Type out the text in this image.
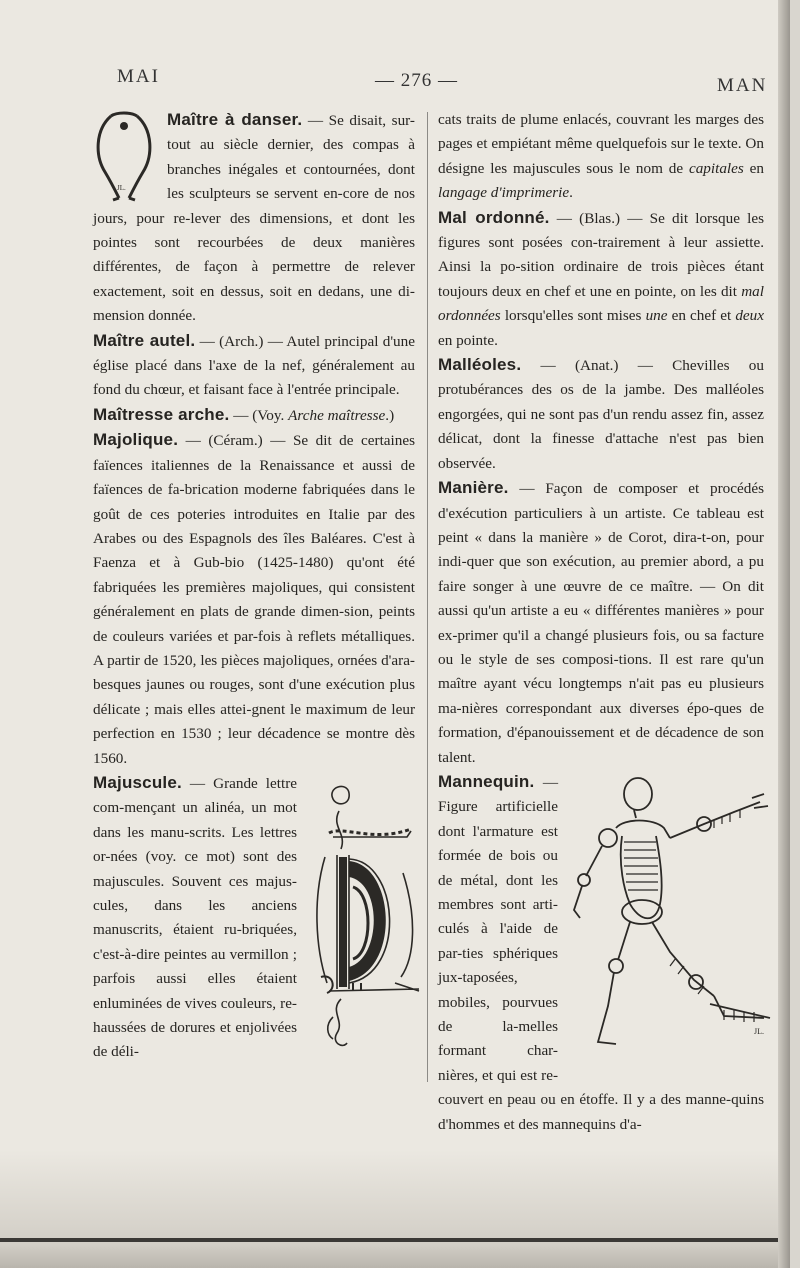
MAI	— 276 —	MAN

Maître à danser.
JL.
— Se disait, sur-tout au siècle dernier, des compas à branches inégales et contournées, dont les sculpteurs se servent en-core de nos jours, pour re-lever des dimensions, et dont les pointes sont recourbées de deux manières différentes, de façon à permettre de relever exactement, soit en dessus, soit en dedans, une di-mension donnée.

Maître autel. — (Arch.) — Autel principal d'une église placé dans l'axe de la nef, généralement au fond du chœur, et faisant face à l'entrée principale.

Maîtresse arche. — (Voy. Arche maîtresse.)

Majolique. — (Céram.) — Se dit de certaines faïences italiennes de la Renaissance et aussi de faïences de fa-brication moderne fabriquées dans le goût de ces poteries introduites en Italie par des Arabes ou des Espagnols des îles Baléares. C'est à Faenza et à Gub-bio (1425-1480) qu'ont été fabriquées les premières majoliques, qui consistent généralement en plats de grande dimen-sion, peints de couleurs variées et par-fois à reflets métalliques. A partir de 1520, les pièces majoliques, ornées d'ara-besques jaunes ou rouges, sont d'une exécution plus délicate ; mais elles attei-gnent le maximum de leur perfection en 1530 ; leur décadence se montre dès 1560.

Majuscule.
— Grande lettre com-mençant un alinéa, un mot dans les manu-scrits. Les lettres or-nées (voy. ce mot) sont des majuscules. Souvent ces majus-cules, dans les anciens manuscrits, étaient ru-briquées, c'est-à-dire peintes au vermillon ; parfois aussi elles étaient enluminées de vives couleurs, re-haussées de dorures et enjolivées de déli-

cats traits de plume enlacés, couvrant les marges des pages et empiétant même quelquefois sur le texte. On désigne les majuscules sous le nom de capitales en langage d'imprimerie.

Mal ordonné. — (Blas.) — Se dit lorsque les figures sont posées con-trairement à leur assiette. Ainsi la po-sition ordinaire de trois pièces étant toujours deux en chef et une en pointe, on les dit mal ordonnées lorsqu'elles sont mises une en chef et deux en pointe.

Malléoles. — (Anat.) — Chevilles ou protubérances des os de la jambe. Des malléoles engorgées, qui ne sont pas d'un rendu assez fin, assez délicat, dont la finesse d'attache n'est pas bien observée.

Manière. — Façon de composer et procédés d'exécution particuliers à un artiste. Ce tableau est peint « dans la manière » de Corot, dira-t-on, pour indi-quer que son exécution, au premier abord, a pu faire songer à une œuvre de ce maître. — On dit aussi qu'un artiste a eu « différentes manières » pour ex-primer qu'il a changé plusieurs fois, ou sa facture ou le style de ses composi-tions. Il est rare qu'un maître ayant vécu longtemps n'ait pas eu plusieurs ma-nières correspondant aux diverses épo-ques de formation, d'épanouissement et de décadence de son talent.

Mannequin.
JL.
— Figure artificielle dont l'armature est formée de bois ou de métal, dont les membres sont arti-culés à l'aide de par-ties sphériques jux-taposées, mobiles, pourvues de la-melles formant char-nières, et qui est re-couvert en peau ou en étoffe. Il y a des manne-quins d'hommes et des mannequins d'a-
